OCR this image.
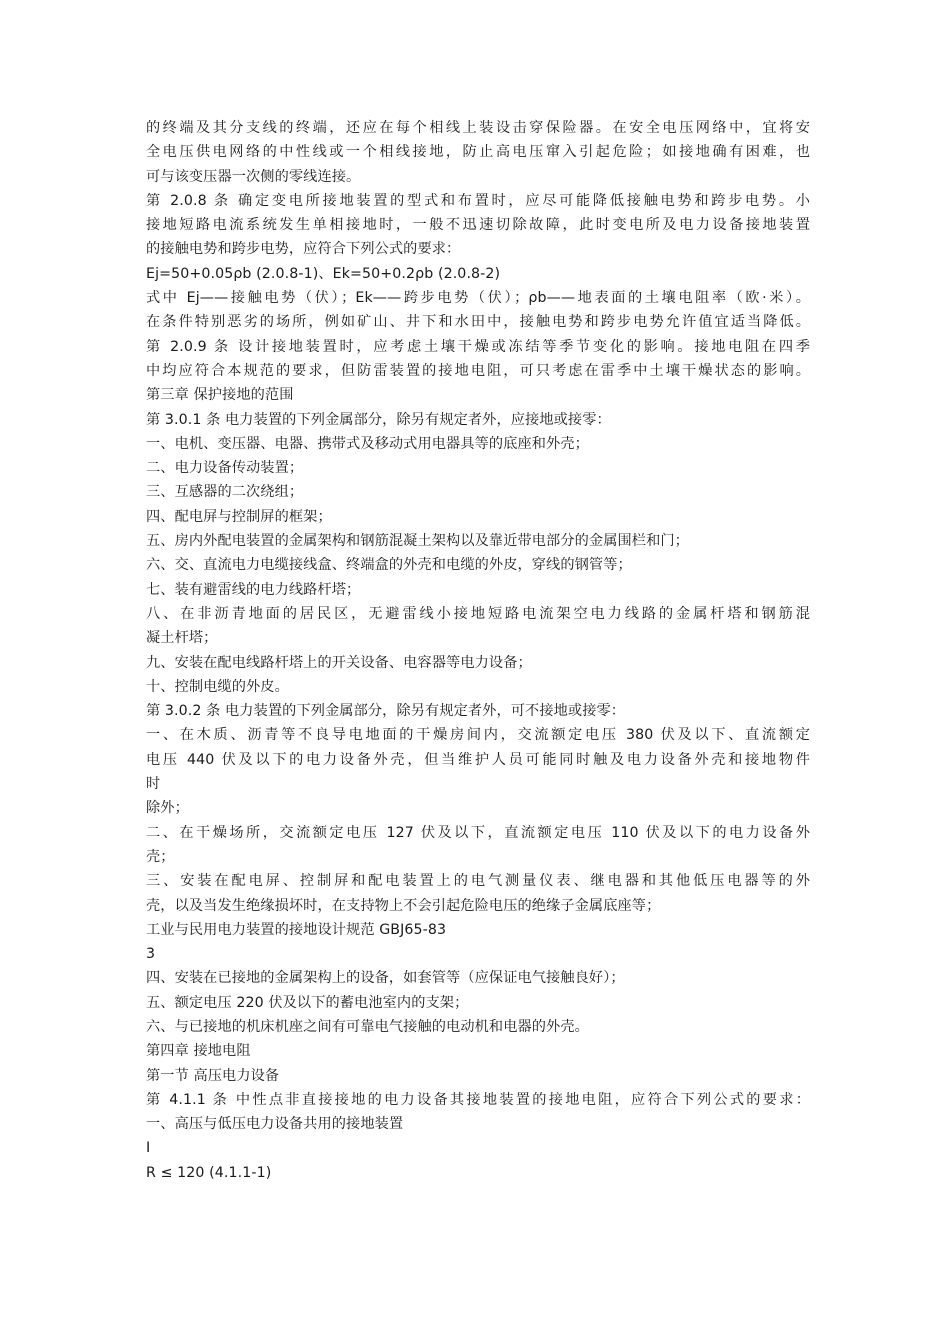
的终端及其分支线的终端，还应在每个相线上装设击穿保险器。在安全电压网络中，宜将安
全电压供电网络的中性线或一个相线接地，防止高电压窜入引起危险；如接地确有困难，也
可与该变压器一次侧的零线连接。
第 2.0.8 条 确定变电所接地装置的型式和布置时，应尽可能降低接触电势和跨步电势。小
接地短路电流系统发生单相接地时，一般不迅速切除故障，此时变电所及电力设备接地装置
的接触电势和跨步电势，应符合下列公式的要求：
Ej=50+0.05ρb (2.0.8-1)、Ek=50+0.2ρb (2.0.8-2)
式中 Ej——接触电势（伏）；Ek——跨步电势（伏）；ρb——地表面的土壤电阻率（欧·米）。
在条件特别恶劣的场所，例如矿山、井下和水田中，接触电势和跨步电势允许值宜适当降低。
第 2.0.9 条 设计接地装置时，应考虑土壤干燥或冻结等季节变化的影响。接地电阻在四季
中均应符合本规范的要求，但防雷装置的接地电阻，可只考虑在雷季中土壤干燥状态的影响。
第三章 保护接地的范围
第 3.0.1 条 电力装置的下列金属部分，除另有规定者外，应接地或接零：
一、电机、变压器、电器、携带式及移动式用电器具等的底座和外壳；
二、电力设备传动装置；
三、互感器的二次绕组；
四、配电屏与控制屏的框架；
五、房内外配电装置的金属架构和钢筋混凝土架构以及靠近带电部分的金属围栏和门；
六、交、直流电力电缆接线盒、终端盒的外壳和电缆的外皮，穿线的钢管等；
七、装有避雷线的电力线路杆塔；
八、在非沥青地面的居民区，无避雷线小接地短路电流架空电力线路的金属杆塔和钢筋混
凝土杆塔；
九、安装在配电线路杆塔上的开关设备、电容器等电力设备；
十、控制电缆的外皮。
第 3.0.2 条 电力装置的下列金属部分，除另有规定者外，可不接地或接零：
一、在木质、沥青等不良导电地面的干燥房间内，交流额定电压 380 伏及以下、直流额定
电压 440 伏及以下的电力设备外壳，但当维护人员可能同时触及电力设备外壳和接地物件
时
除外；
二、在干燥场所，交流额定电压 127 伏及以下，直流额定电压 110 伏及以下的电力设备外
壳；
三、安装在配电屏、控制屏和配电装置上的电气测量仪表、继电器和其他低压电器等的外
壳，以及当发生绝缘损坏时，在支持物上不会引起危险电压的绝缘子金属底座等；
工业与民用电力装置的接地设计规范 GBJ65-83
3
四、安装在已接地的金属架构上的设备，如套管等（应保证电气接触良好）；
五、额定电压 220 伏及以下的蓄电池室内的支架；
六、与已接地的机床机座之间有可靠电气接触的电动机和电器的外壳。
第四章 接地电阻
第一节 高压电力设备
第 4.1.1 条 中性点非直接接地的电力设备其接地装置的接地电阻，应符合下列公式的要求：
一、高压与低压电力设备共用的接地装置
I
R ≤ 120 (4.1.1-1)
